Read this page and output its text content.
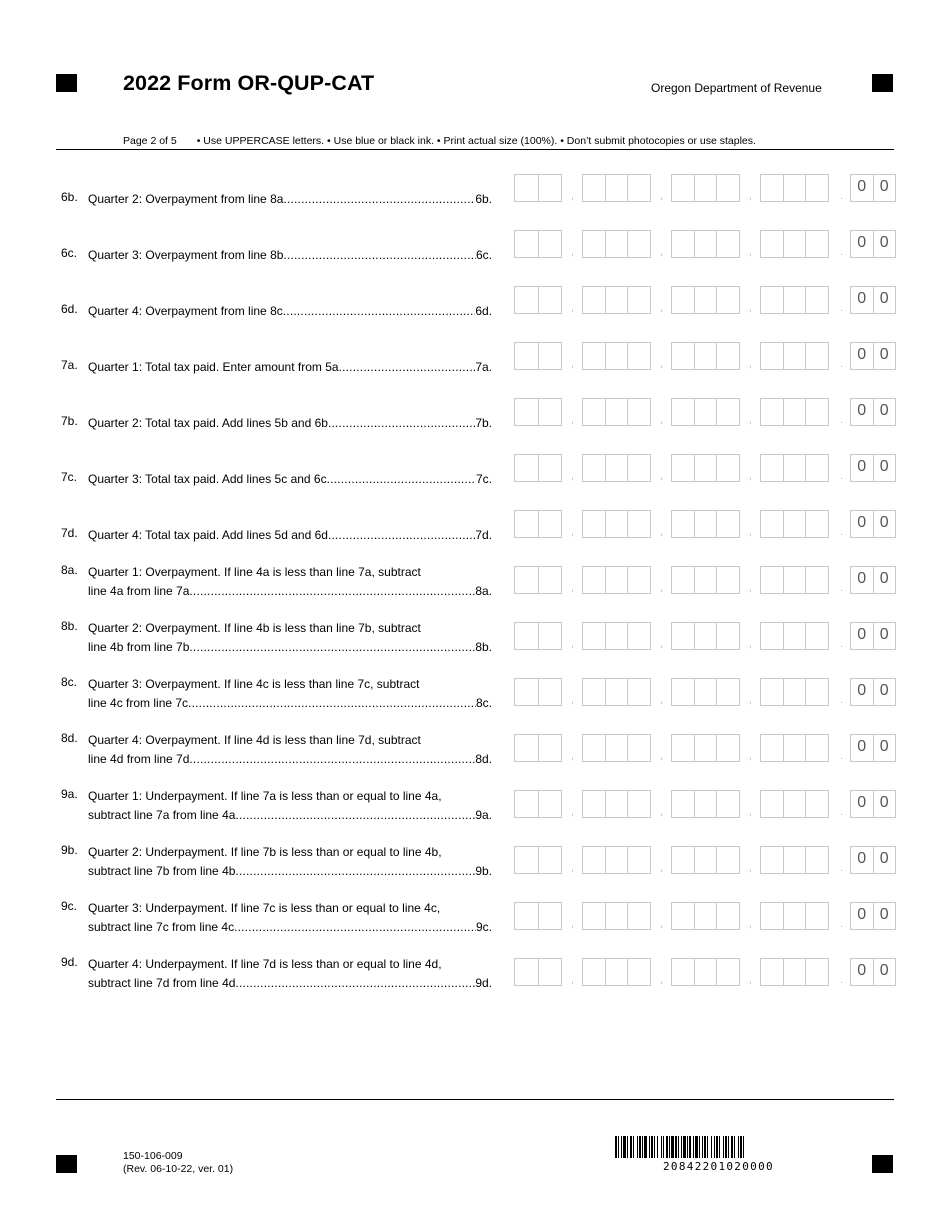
2022 Form OR-QUP-CAT	Oregon Department of Revenue
Page 2 of 5 • Use UPPERCASE letters. • Use blue or black ink. • Print actual size (100%). • Don’t submit photocopies or use staples.
6b. Quarter 2: Overpayment from line 8a .....	6b.	,	,	,	.
0 0
6c. Quarter 3: Overpayment from line 8b .....	6c.	,	,	,	.
0 0
6d. Quarter 4: Overpayment from line 8c .....	6d.	,	,	,	.
0 0
7a. Quarter 1: Total tax paid. Enter amount from 5a .....	7a.	,	,	,	.
0 0
7b. Quarter 2: Total tax paid. Add lines 5b and 6b .....	7b.	,	,	,	.
0 0
7c. Quarter 3: Total tax paid. Add lines 5c and 6c .....	7c.	,	,	,	.
0 0
7d. Quarter 4: Total tax paid. Add lines 5d and 6d .....	7d.	,	,	,	.
0 0
8a. Quarter 1: Overpayment. If line 4a is less than line 7a, subtract
line 4a from line 7a .....	8a.	,	,	,	.
0 0
8b. Quarter 2: Overpayment. If line 4b is less than line 7b, subtract
line 4b from line 7b .....	8b.	,	,	,	.
0 0
8c. Quarter 3: Overpayment. If line 4c is less than line 7c, subtract
line 4c from line 7c .....	8c.	,	,	,	.
0 0
8d. Quarter 4: Overpayment. If line 4d is less than line 7d, subtract
line 4d from line 7d .....	8d.	,	,	,	.
0 0
9a. Quarter 1: Underpayment. If line 7a is less than or equal to line 4a,
subtract line 7a from line 4a .....	9a.	,	,	,	.
0 0
9b. Quarter 2: Underpayment. If line 7b is less than or equal to line 4b,
subtract line 7b from line 4b .....	9b.	,	,	,	.
0 0
9c. Quarter 3: Underpayment. If line 7c is less than or equal to line 4c,
subtract line 7c from line 4c .....	9c.	,	,	,	.
0 0
9d. Quarter 4: Underpayment. If line 7d is less than or equal to line 4d,
subtract line 7d from line 4d .....	9d.	,	,	,	.
0 0
150-106-009
(Rev. 06-10-22, ver. 01)	20842201020000
